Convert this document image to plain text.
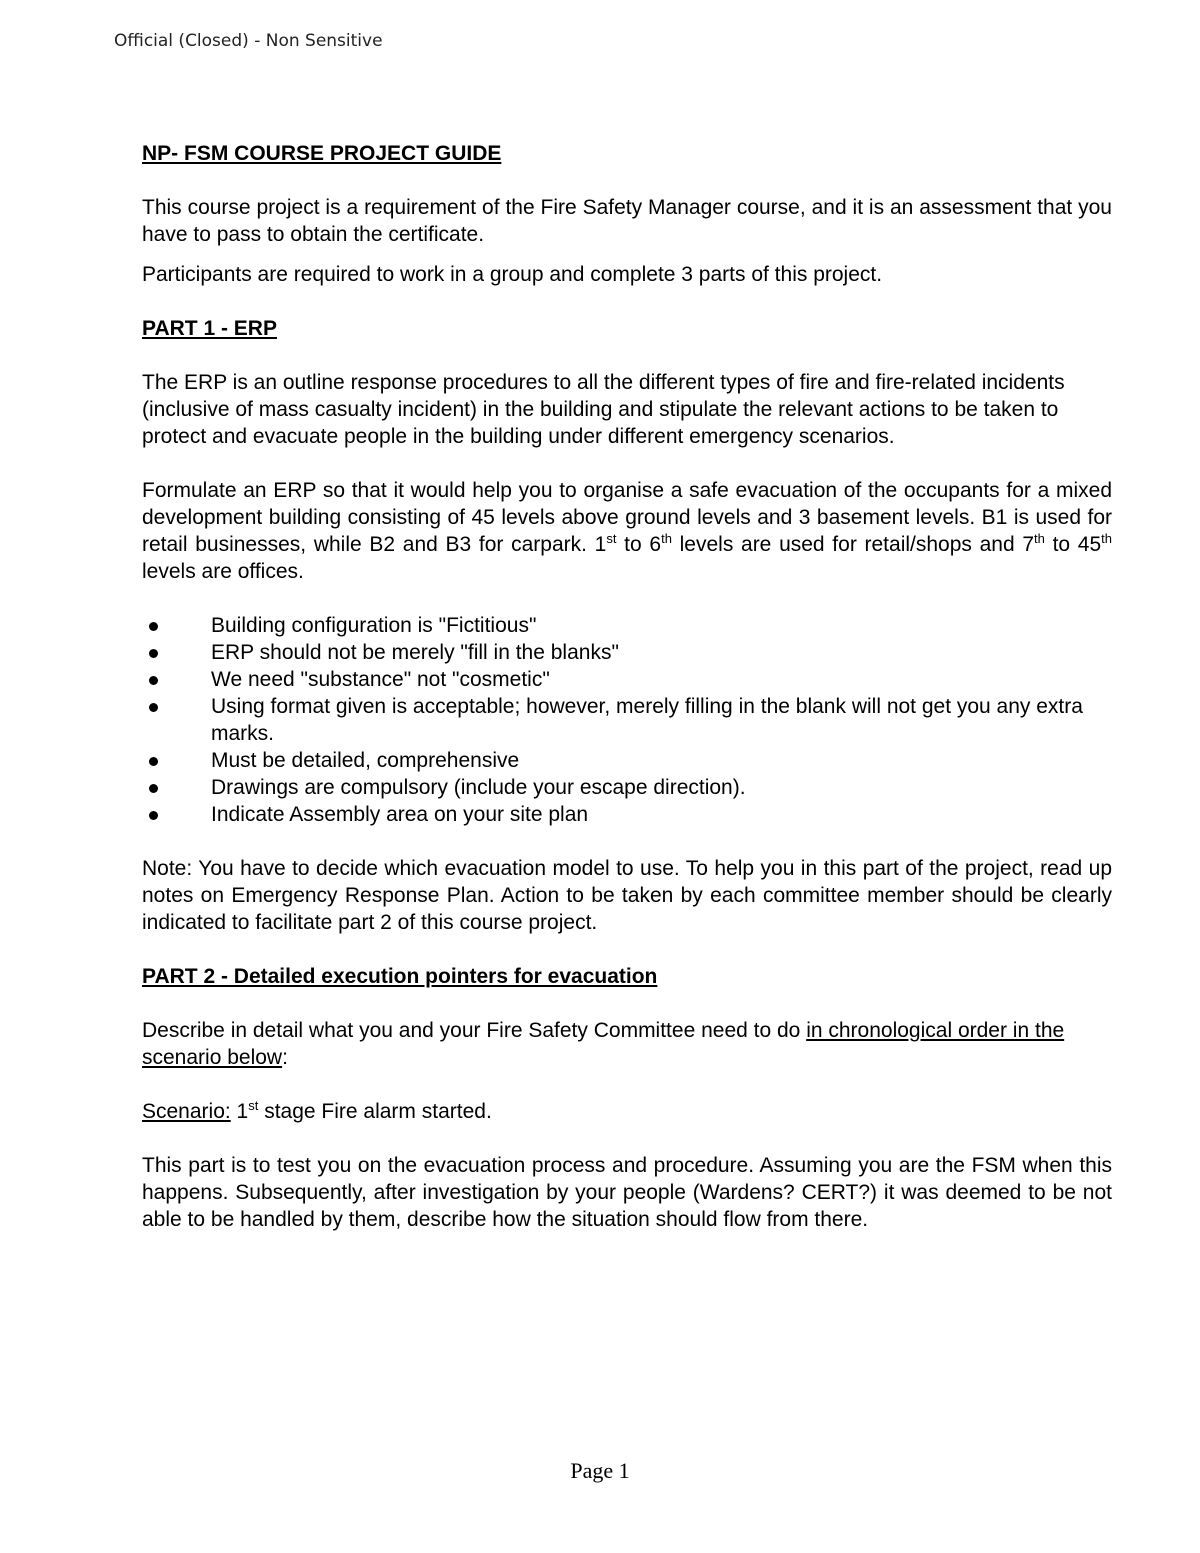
Official (Closed) - Non Sensitive

NP- FSM COURSE PROJECT GUIDE

This course project is a requirement of the Fire Safety Manager course, and it is an assessment that you have to pass to obtain the certificate.

Participants are required to work in a group and complete 3 parts of this project.

PART 1 - ERP

The ERP is an outline response procedures to all the different types of fire and fire-related incidents (inclusive of mass casualty incident) in the building and stipulate the relevant actions to be taken to protect and evacuate people in the building under different emergency scenarios.

Formulate an ERP so that it would help you to organise a safe evacuation of the occupants for a mixed development building consisting of 45 levels above ground levels and 3 basement levels. B1 is used for retail businesses, while B2 and B3 for carpark. 1st to 6th levels are used for retail/shops and 7th to 45th levels are offices.

Building configuration is "Fictitious"
ERP should not be merely "fill in the blanks"
We need "substance" not "cosmetic"
Using format given is acceptable; however, merely filling in the blank will not get you any extra marks.
Must be detailed, comprehensive
Drawings are compulsory (include your escape direction).
Indicate Assembly area on your site plan

Note: You have to decide which evacuation model to use. To help you in this part of the project, read up notes on Emergency Response Plan. Action to be taken by each committee member should be clearly indicated to facilitate part 2 of this course project.

PART 2 - Detailed execution pointers for evacuation

Describe in detail what you and your Fire Safety Committee need to do in chronological order in the scenario below:

Scenario: 1st stage Fire alarm started.

This part is to test you on the evacuation process and procedure. Assuming you are the FSM when this happens. Subsequently, after investigation by your people (Wardens? CERT?) it was deemed to be not able to be handled by them, describe how the situation should flow from there.

Page 1
